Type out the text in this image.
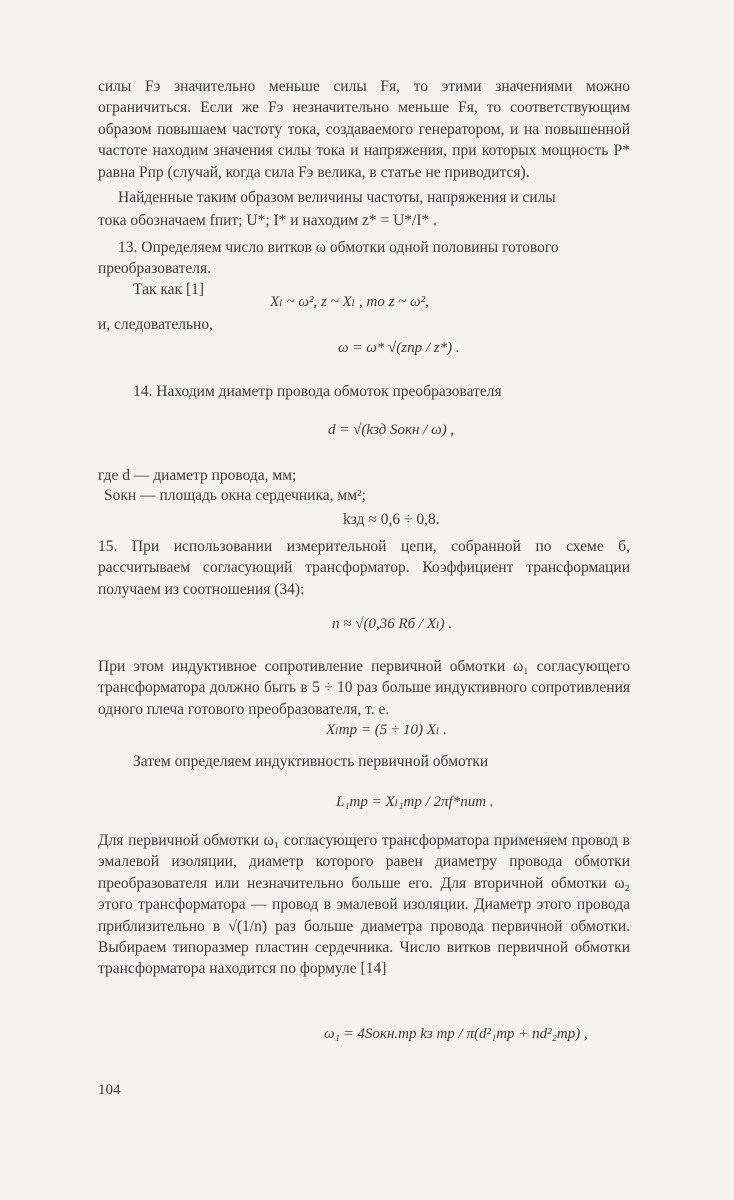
силы Fэ значительно меньше силы Fя, то этими значениями можно ограничиться. Если же Fэ незначительно меньше Fя, то соответствующим образом повышаем частоту тока, создаваемого генератором, и на повышенной частоте находим значения силы тока и напряжения, при которых мощность P* равна Pпр (случай, когда сила Fэ велика, в статье не приводится).

Найденные таким образом величины частоты, напряжения и силы
тока обозначаем fпит; U*; I* и находим z* = U*/I* .
13. Определяем число витков ω обмотки одной половины готового
преобразователя.
Так как [1]
Xₗ ~ ω², z ~ Xₗ , то z ~ ω²,
и, следовательно,
ω = ω* √(zпр / z*) .
14. Находим диаметр провода обмоток преобразователя
d = √(kзд Sокн / ω) ,
где d — диаметр провода, мм;
Sокн — площадь окна сердечника, мм²;
kзд ≈ 0,6 ÷ 0,8.

15. При использовании измерительной цепи, собранной по схеме б, рассчитываем согласующий трансформатор. Коэффициент трансформации получаем из соотношения (34):

n ≈ √(0,36 Rб / Xₗ) .

При этом индуктивное сопротивление первичной обмотки ω₁ согласующего трансформатора должно быть в 5 ÷ 10 раз больше индуктивного сопротивления одного плеча готового преобразователя, т. е.

Xₗтр = (5 ÷ 10) Xₗ .
Затем определяем индуктивность первичной обмотки
L₁тр = Xₗ₁тр / 2πf*пит .

Для первичной обмотки ω₁ согласующего трансформатора применяем провод в эмалевой изоляции, диаметр которого равен диаметру провода обмотки преобразователя или незначительно больше его. Для вторичной обмотки ω₂ этого трансформатора — провод в эмалевой изоляции. Диаметр этого провода приблизительно в √(1/n) раз больше диаметра провода первичной обмотки. Выбираем типоразмер пластин сердечника. Число витков первичной обмотки трансформатора находится по формуле [14]

ω₁ = 4Sокн.тр kз тр / π(d²₁тр + nd²₂тр) ,
104
